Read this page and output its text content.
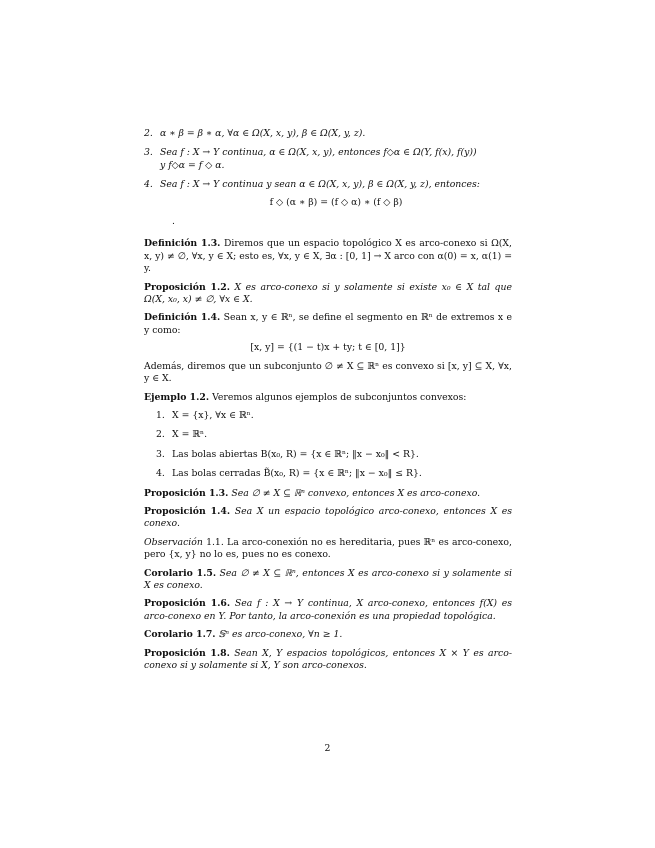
2. α ∗ β = β ∗ α, ∀α ∈ Ω(X, x, y), β ∈ Ω(X, y, z).
3. Sea f : X → Y continua, α ∈ Ω(X, x, y), entonces f◇α ∈ Ω(Y, f(x), f(y))
y f◇α = f ◇ α.
4. Sea f : X → Y continua y sean α ∈ Ω(X, x, y), β ∈ Ω(X, y, z), entonces:
f ◇ (α ∗ β) = (f ◇ α) ∗ (f ◇ β)
.
Definición 1.3. Diremos que un espacio topológico X es arco-conexo si Ω(X, x, y) ≠ ∅, ∀x, y ∈ X; esto es, ∀x, y ∈ X, ∃α : [0, 1] → X arco con α(0) = x, α(1) = y.
Proposición 1.2. X es arco-conexo si y solamente si existe x₀ ∈ X tal que Ω(X, x₀, x) ≠ ∅, ∀x ∈ X.
Definición 1.4. Sean x, y ∈ ℝⁿ, se define el segmento en ℝⁿ de extremos x e y como:
[x, y] = {(1 − t)x + ty; t ∈ [0, 1]}
Además, diremos que un subconjunto ∅ ≠ X ⊆ ℝⁿ es convexo si [x, y] ⊆ X, ∀x, y ∈ X.
Ejemplo 1.2. Veremos algunos ejemplos de subconjuntos convexos:
1. X = {x}, ∀x ∈ ℝⁿ.
2. X = ℝⁿ.
3. Las bolas abiertas B(x₀, R) = {x ∈ ℝⁿ; ‖x − x₀‖ < R}.
4. Las bolas cerradas B̃(x₀, R) = {x ∈ ℝⁿ; ‖x − x₀‖ ≤ R}.
Proposición 1.3. Sea ∅ ≠ X ⊆ ℝⁿ convexo, entonces X es arco-conexo.
Proposición 1.4. Sea X un espacio topológico arco-conexo, entonces X es conexo.
Observación 1.1. La arco-conexión no es hereditaria, pues ℝⁿ es arco-conexo, pero {x, y} no lo es, pues no es conexo.
Corolario 1.5. Sea ∅ ≠ X ⊆ ℝⁿ, entonces X es arco-conexo si y solamente si X es conexo.
Proposición 1.6. Sea f : X → Y continua, X arco-conexo, entonces f(X) es arco-conexo en Y. Por tanto, la arco-conexión es una propiedad topológica.
Corolario 1.7. 𝕊ⁿ es arco-conexo, ∀n ≥ 1.
Proposición 1.8. Sean X, Y espacios topológicos, entonces X × Y es arco-conexo si y solamente si X, Y son arco-conexos.
2
